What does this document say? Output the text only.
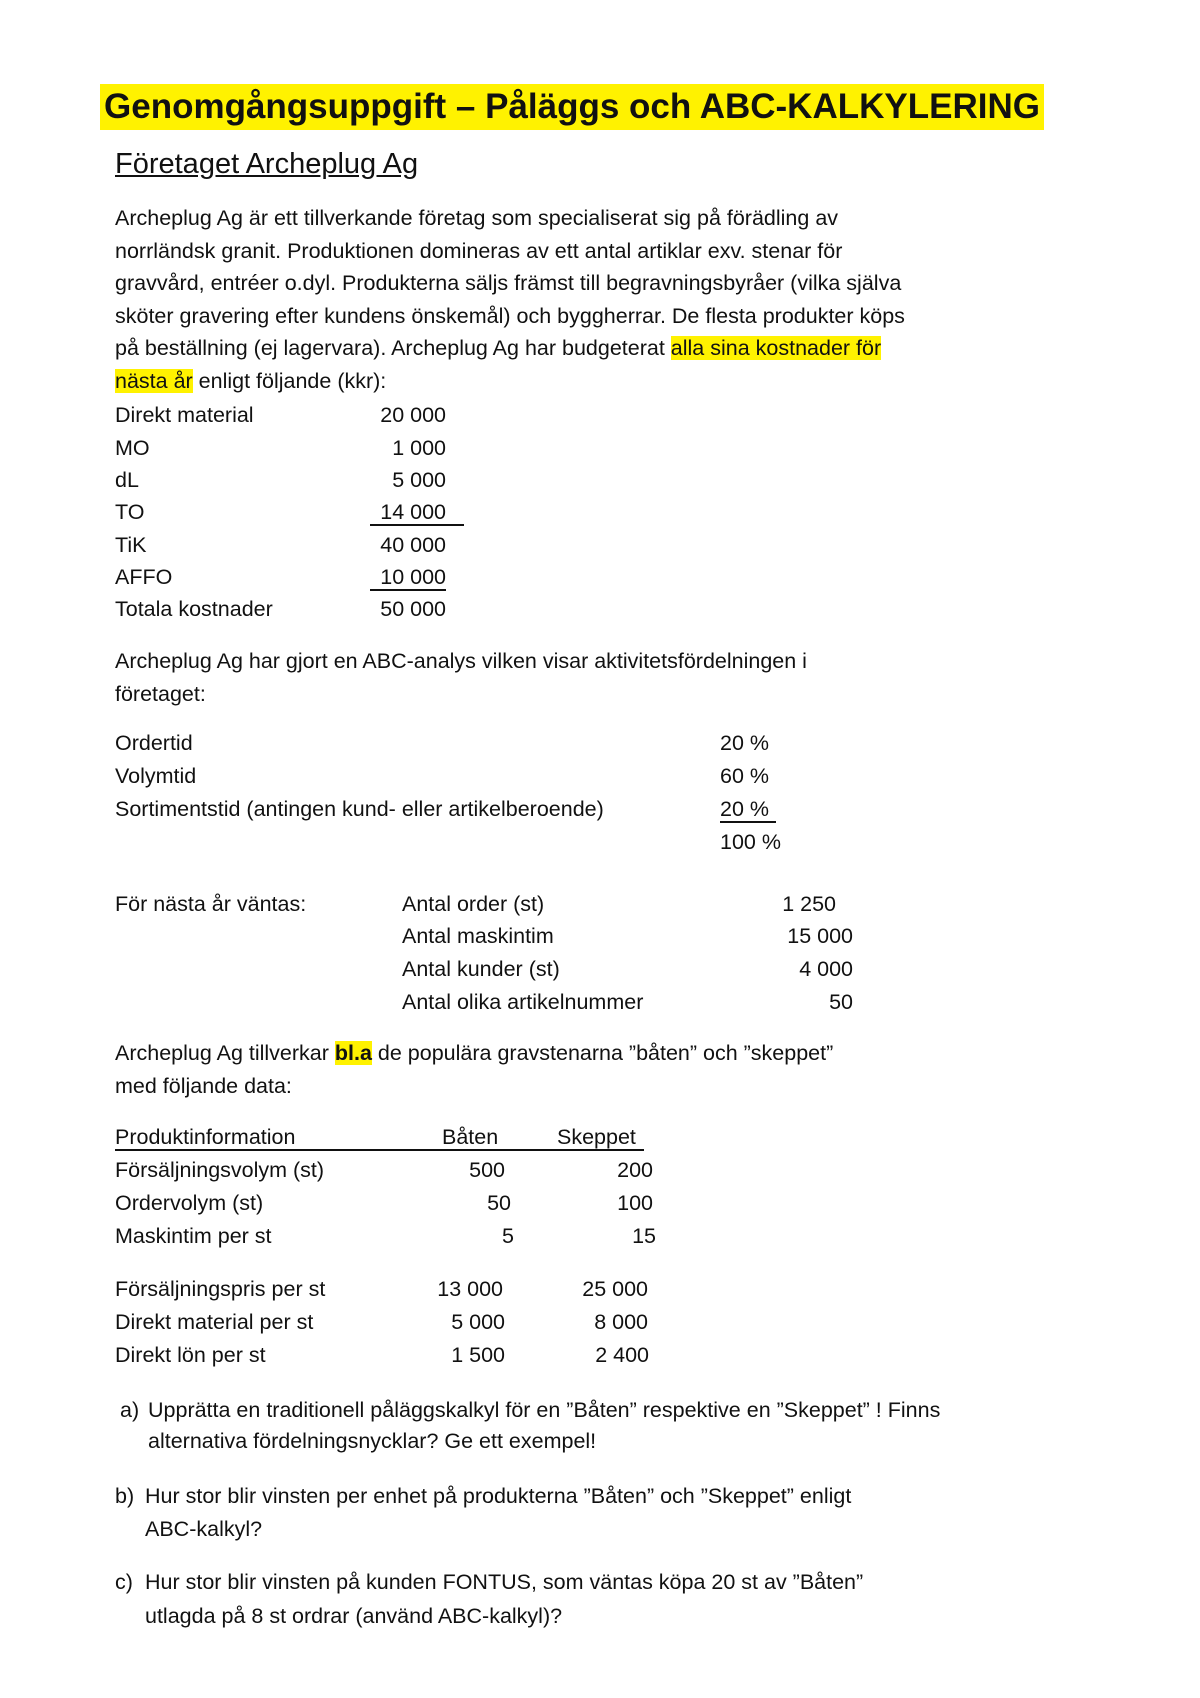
Genomgångsuppgift – Påläggs och ABC-KALKYLERING
Företaget Archeplug Ag
Archeplug Ag är ett tillverkande företag som specialiserat sig på förädling av
norrländsk granit. Produktionen domineras av ett antal artiklar exv. stenar för
gravvård, entréer o.dyl. Produkterna säljs främst till begravningsbyråer (vilka själva
sköter gravering efter kundens önskemål) och byggherrar. De flesta produkter köps
på beställning (ej lagervara). Archeplug Ag har budgeterat alla sina kostnader för
nästa år enligt följande (kkr):
Direkt material	20 000
MO	1 000
dL	5 000
TO	14 000
TiK	40 000
AFFO	10 000
Totala kostnader	50 000
Archeplug Ag har gjort en ABC-analys vilken visar aktivitetsfördelningen i
företaget:
Ordertid	20 %
Volymtid	60 %
Sortimentstid (antingen kund- eller artikelberoende)	20 %
100 %
För nästa år väntas:	Antal order (st)	1 250
Antal maskintim	15 000
Antal kunder (st)	4 000
Antal olika artikelnummer	50
Archeplug Ag tillverkar bl.a de populära gravstenarna ”båten” och ”skeppet”
med följande data:
Produktinformation	Båten	Skeppet
Försäljningsvolym (st)	500	200
Ordervolym (st)	50	100
Maskintim per st	5	15
Försäljningspris per st	13 000	25 000
Direkt material per st	5 000	8 000
Direkt lön per st	1 500	2 400
a) Upprätta en traditionell påläggskalkyl för en ”Båten” respektive en ”Skeppet” ! Finns
alternativa fördelningsnycklar? Ge ett exempel!
b) Hur stor blir vinsten per enhet på produkterna ”Båten” och ”Skeppet” enligt
ABC-kalkyl?
c) Hur stor blir vinsten på kunden FONTUS, som väntas köpa 20 st av ”Båten”
utlagda på 8 st ordrar (använd ABC-kalkyl)?
